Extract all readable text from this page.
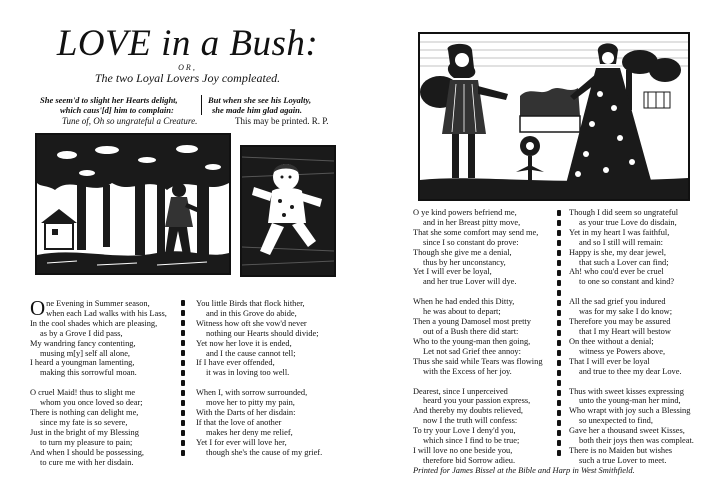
LOVE in a Bush:
OR,
The two Loyal Lovers Joy compleated.
She seem'd to slight her Hearts delight,
which caus'[d] him to complain:
But when she see his Loyalty,
she made him glad again.
Tune of, Oh so ungrateful a Creature.	This may be printed. R. P.
O ne Evening in Summer season,
when each Lad walks with his Lass,
In the cool shades which are pleasing,
as by a Grove I did pass,
My wandring fancy contenting,
musing m[y] self all alone,
I heard a youngman lamenting,
making this sorrowful moan.
O cruel Maid! thus to slight me
whom you once loved so dear;
There is nothing can delight me,
since my fate is so severe,
Just in the bright of my Blessing
to turn my pleasure to pain;
And when I should be possessing,
to cure me with her disdain.
You little Birds that flock hither,
and in this Grove do abide,
Witness how oft she vow'd never
nothing our Hearts should divide;
Yet now her love it is ended,
and I the cause cannot tell;
If I have ever offended,
it was in loving too well.
When I, with sorrow surrounded,
move her to pitty my pain,
With the Darts of her disdain:
If that the love of another
makes her deny me relief,
Yet I for ever will love her,
though she's the cause of my grief.
O ye kind powers befriend me,
and in her Breast pitty move,
That she some comfort may send me,
since I so constant do prove:
Though she give me a denial,
thus by her unconstancy,
Yet I will ever be loyal,
and her true Lover will dye.
When he had ended this Ditty,
he was about to depart;
Then a young Damosel most pretty
out of a Bush there did start:
Who to the young-man then going,
Let not sad Grief thee annoy:
Thus she said while Tears was flowing
with the Excess of her joy.
Dearest, since I unperceived
heard you your passion express,
And thereby my doubts relieved,
now I the truth will confess:
To try your Love I deny'd you,
which since I find to be true;
I will love no one beside you,
therefore bid Sorrow adieu.
Though I did seem so ungrateful
as your true Love do disdain,
Yet in my heart I was faithful,
and so I still will remain:
Happy is she, my dear jewel,
that such a Lover can find;
Ah! who cou'd ever be cruel
to one so constant and kind?
All the sad grief you indured
was for my sake I do know;
Therefore you may be assured
that I my Heart will bestow
On thee without a denial;
witness ye Powers above,
That I will ever be loyal
and true to thee my dear Love.
Thus with sweet kisses expressing
unto the young-man her mind,
Who wrapt with joy such a Blessing
so unexpected to find,
Gave her a thousand sweet Kisses,
both their joys then was compleat.
There is no Maiden but wishes
such a true Lover to meet.
Printed for James Bissel at the Bible and Harp in West Smithfield.
